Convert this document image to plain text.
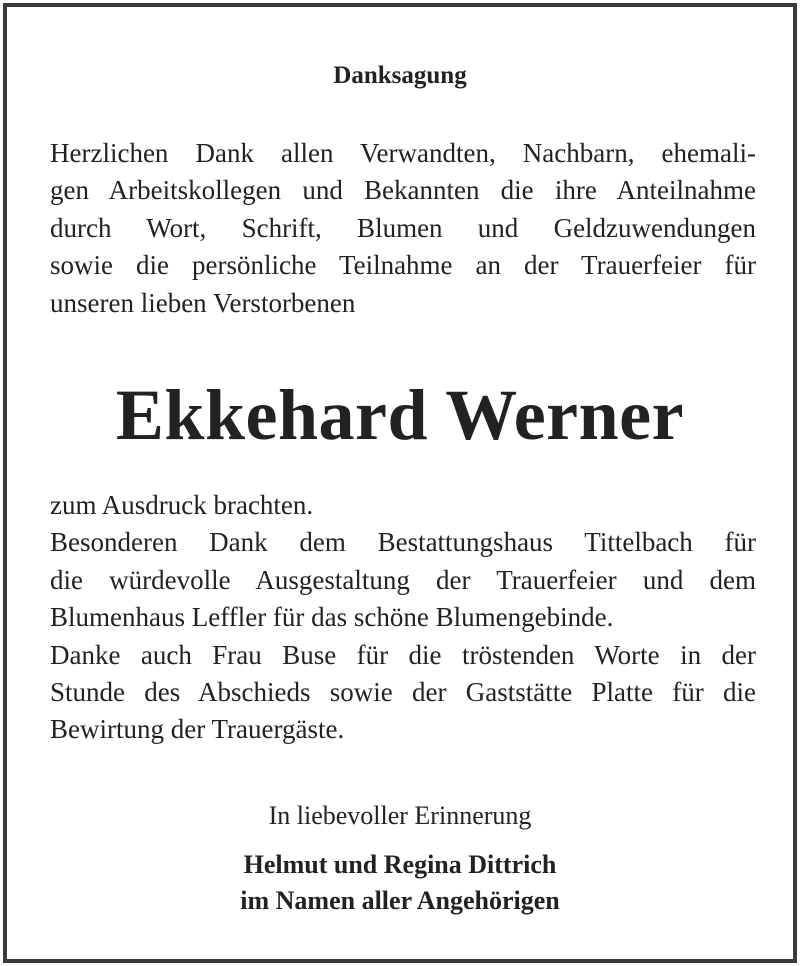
Danksagung

Herzlichen Dank allen Verwandten, Nachbarn, ehemali-
gen Arbeitskollegen und Bekannten die ihre Anteilnahme
durch Wort, Schrift, Blumen und Geldzuwendungen
sowie die persönliche Teilnahme an der Trauerfeier für
unseren lieben Verstorbenen

Ekkehard Werner

zum Ausdruck brachten.
Besonderen Dank dem Bestattungshaus Tittelbach für
die würdevolle Ausgestaltung der Trauerfeier und dem
Blumenhaus Leffler für das schöne Blumengebinde.
Danke auch Frau Buse für die tröstenden Worte in der
Stunde des Abschieds sowie der Gaststätte Platte für die
Bewirtung der Trauergäste.

In liebevoller Erinnerung

Helmut und Regina Dittrich
im Namen aller Angehörigen
